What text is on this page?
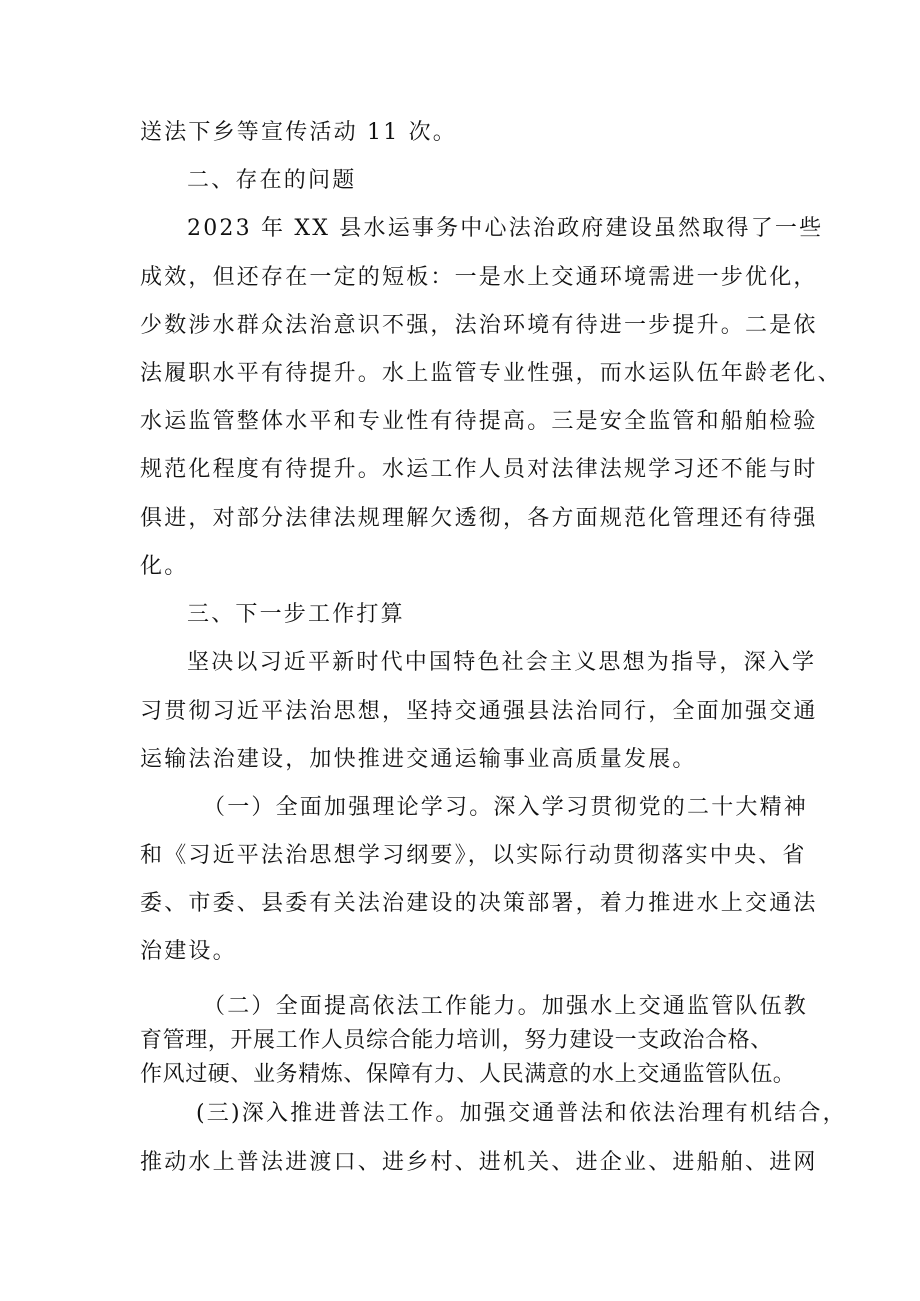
送法下乡等宣传活动 11 次。
二、存在的问题
2023 年 XX 县水运事务中心法治政府建设虽然取得了一些
成效，但还存在一定的短板：一是水上交通环境需进一步优化，
少数涉水群众法治意识不强，法治环境有待进一步提升。二是依
法履职水平有待提升。水上监管专业性强，而水运队伍年龄老化、
水运监管整体水平和专业性有待提高。三是安全监管和船舶检验
规范化程度有待提升。水运工作人员对法律法规学习还不能与时
俱进，对部分法律法规理解欠透彻，各方面规范化管理还有待强
化。
三、下一步工作打算
坚决以习近平新时代中国特色社会主义思想为指导，深入学
习贯彻习近平法治思想，坚持交通强县法治同行，全面加强交通
运输法治建设，加快推进交通运输事业高质量发展。
（一）全面加强理论学习。深入学习贯彻党的二十大精神
和《习近平法治思想学习纲要》，以实际行动贯彻落实中央、省
委、市委、县委有关法治建设的决策部署，着力推进水上交通法
治建设。
（二）全面提高依法工作能力。加强水上交通监管队伍教
育管理，开展工作人员综合能力培训，努力建设一支政治合格、
作风过硬、业务精炼、保障有力、人民满意的水上交通监管队伍。
(三)深入推进普法工作。加强交通普法和依法治理有机结合，
推动水上普法进渡口、进乡村、进机关、进企业、进船舶、进网
